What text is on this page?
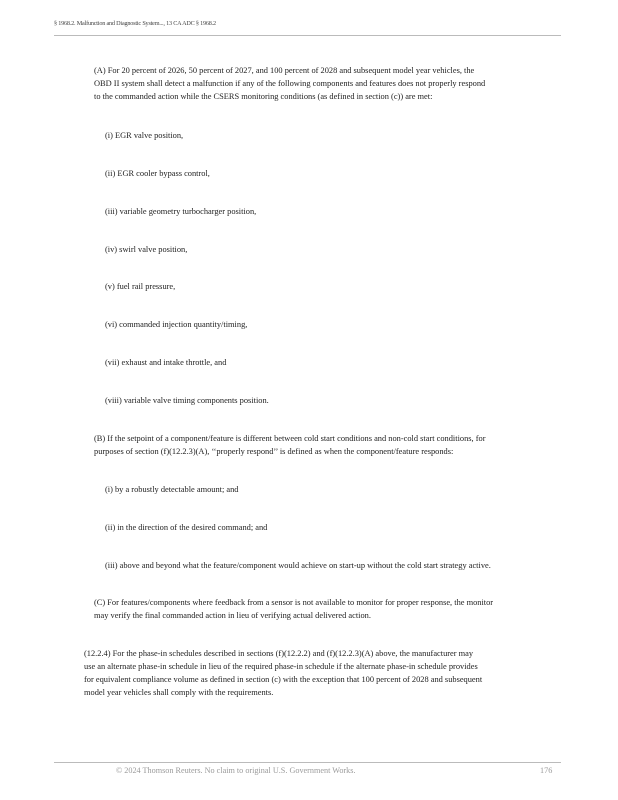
§ 1968.2. Malfunction and Diagnostic System..., 13 CA ADC § 1968.2

(A) For 20 percent of 2026, 50 percent of 2027, and 100 percent of 2028 and subsequent model year vehicles, the
OBD II system shall detect a malfunction if any of the following components and features does not properly respond
to the commanded action while the CSERS monitoring conditions (as defined in section (c)) are met:

(i) EGR valve position,

(ii) EGR cooler bypass control,

(iii) variable geometry turbocharger position,

(iv) swirl valve position,

(v) fuel rail pressure,

(vi) commanded injection quantity/timing,

(vii) exhaust and intake throttle, and

(viii) variable valve timing components position.

(B) If the setpoint of a component/feature is different between cold start conditions and non-cold start conditions, for
purposes of section (f)(12.2.3)(A), ‘‘properly respond’’ is defined as when the component/feature responds:

(i) by a robustly detectable amount; and

(ii) in the direction of the desired command; and

(iii) above and beyond what the feature/component would achieve on start-up without the cold start strategy active.

(C) For features/components where feedback from a sensor is not available to monitor for proper response, the monitor
may verify the final commanded action in lieu of verifying actual delivered action.

(12.2.4) For the phase-in schedules described in sections (f)(12.2.2) and (f)(12.2.3)(A) above, the manufacturer may
use an alternate phase-in schedule in lieu of the required phase-in schedule if the alternate phase-in schedule provides
for equivalent compliance volume as defined in section (c) with the exception that 100 percent of 2028 and subsequent
model year vehicles shall comply with the requirements.

© 2024 Thomson Reuters. No claim to original U.S. Government Works.	176
